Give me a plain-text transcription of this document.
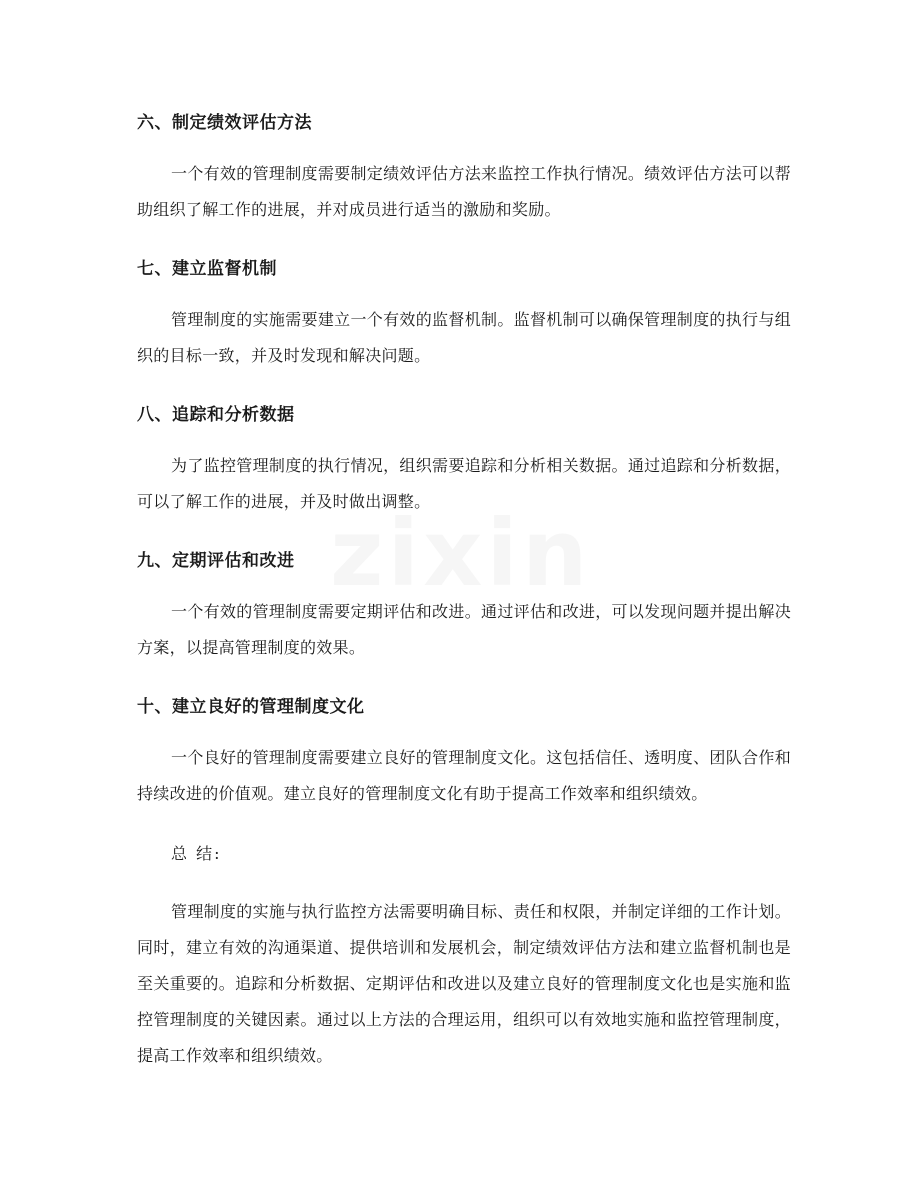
zixin
六、制定绩效评估方法

一个有效的管理制度需要制定绩效评估方法来监控工作执行情况。绩效评估方法可以帮助组织了解工作的进展，并对成员进行适当的激励和奖励。

七、建立监督机制

管理制度的实施需要建立一个有效的监督机制。监督机制可以确保管理制度的执行与组织的目标一致，并及时发现和解决问题。

八、追踪和分析数据

为了监控管理制度的执行情况，组织需要追踪和分析相关数据。通过追踪和分析数据，可以了解工作的进展，并及时做出调整。

九、定期评估和改进

一个有效的管理制度需要定期评估和改进。通过评估和改进，可以发现问题并提出解决方案，以提高管理制度的效果。

十、建立良好的管理制度文化

一个良好的管理制度需要建立良好的管理制度文化。这包括信任、透明度、团队合作和持续改进的价值观。建立良好的管理制度文化有助于提高工作效率和组织绩效。

总 结:

管理制度的实施与执行监控方法需要明确目标、责任和权限，并制定详细的工作计划。同时，建立有效的沟通渠道、提供培训和发展机会，制定绩效评估方法和建立监督机制也是至关重要的。追踪和分析数据、定期评估和改进以及建立良好的管理制度文化也是实施和监控管理制度的关键因素。通过以上方法的合理运用，组织可以有效地实施和监控管理制度，提高工作效率和组织绩效。
